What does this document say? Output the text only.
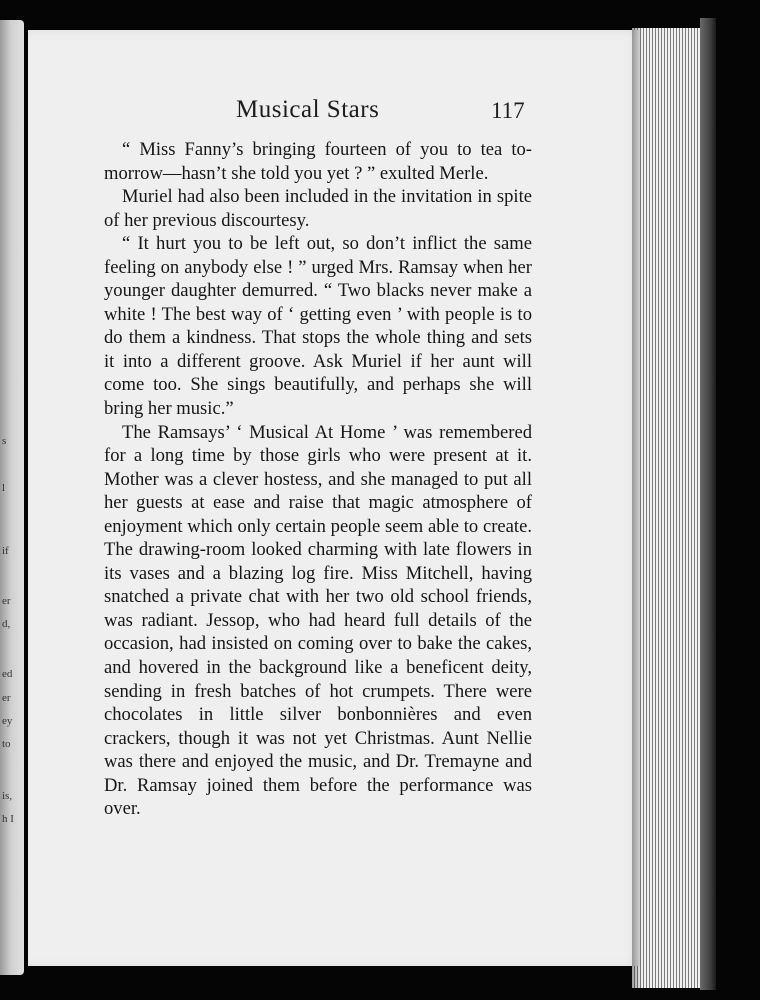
s
l
if
er
d,
ed
er
ey
to
is,
h I
Musical Stars	117

“ Miss Fanny’s bringing fourteen of you to tea to-morrow—hasn’t she told you yet ? ” exulted Merle.

Muriel had also been included in the invitation in spite of her previous discourtesy.

“ It hurt you to be left out, so don’t inflict the same feeling on anybody else ! ” urged Mrs. Ramsay when her younger daughter demurred. “ Two blacks never make a white ! The best way of ‘ getting even ’ with people is to do them a kindness. That stops the whole thing and sets it into a different groove. Ask Muriel if her aunt will come too. She sings beautifully, and perhaps she will bring her music.”

The Ramsays’ ‘ Musical At Home ’ was remembered for a long time by those girls who were present at it. Mother was a clever hostess, and she managed to put all her guests at ease and raise that magic atmosphere of enjoyment which only certain people seem able to create. The drawing-room looked charming with late flowers in its vases and a blazing log fire. Miss Mitchell, having snatched a private chat with her two old school friends, was radiant. Jessop, who had heard full details of the occasion, had insisted on coming over to bake the cakes, and hovered in the background like a beneficent deity, sending in fresh batches of hot crumpets. There were chocolates in little silver bonbonnières and even crackers, though it was not yet Christmas. Aunt Nellie was there and enjoyed the music, and Dr. Tremayne and Dr. Ramsay joined them before the performance was over.
